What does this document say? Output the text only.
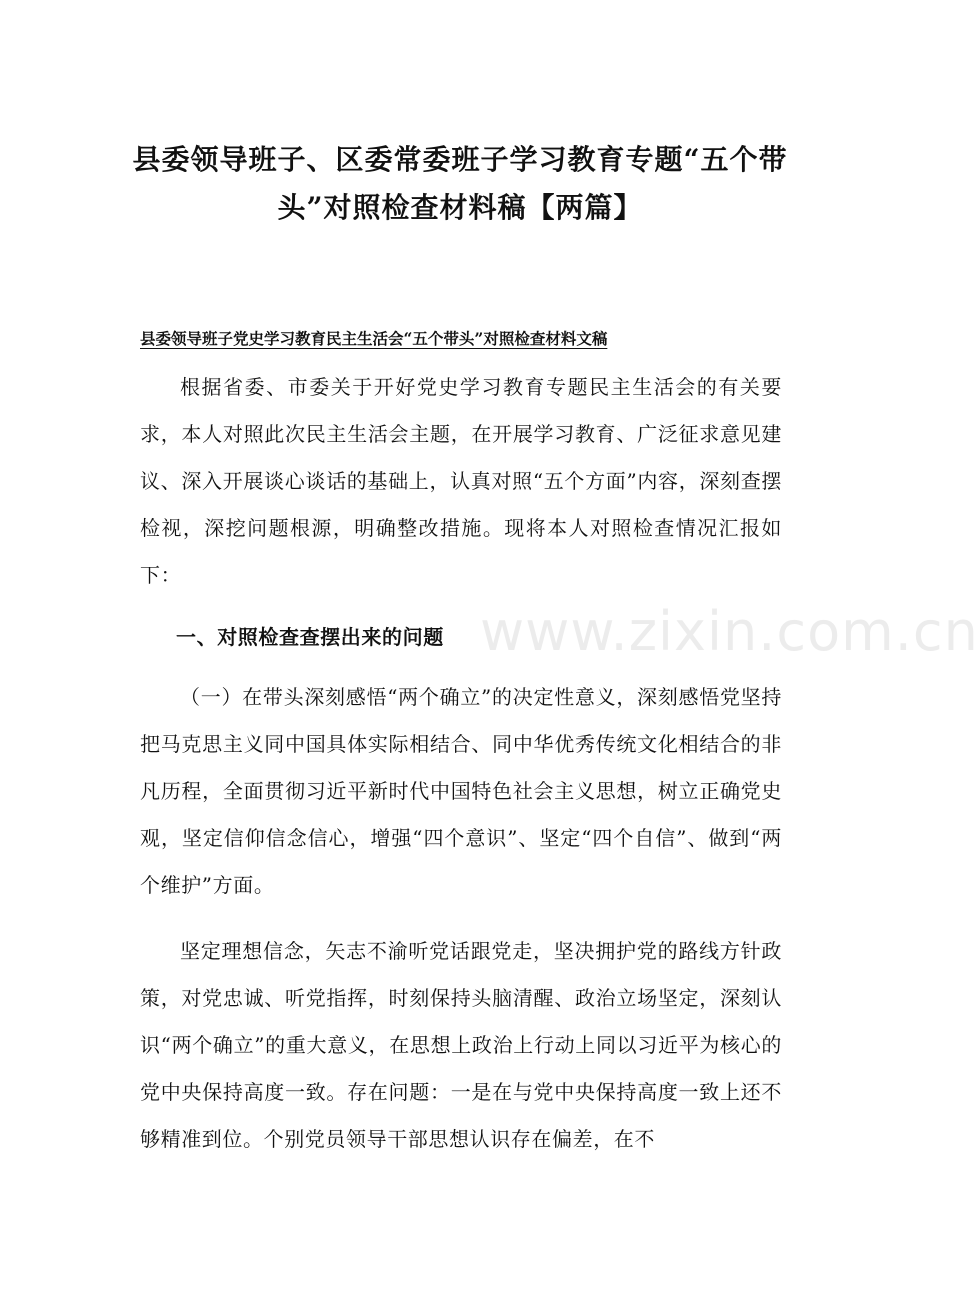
县委领导班子、区委常委班子学习教育专题“五个带头”对照检查材料稿【两篇】
县委领导班子党史学习教育民主生活会“五个带头”对照检查材料文稿
根据省委、市委关于开好党史学习教育专题民主生活会的有关要求，本人对照此次民主生活会主题，在开展学习教育、广泛征求意见建议、深入开展谈心谈话的基础上，认真对照“五个方面”内容，深刻查摆检视，深挖问题根源，明确整改措施。现将本人对照检查情况汇报如下：
一、对照检查查摆出来的问题
（一）在带头深刻感悟“两个确立”的决定性意义，深刻感悟党坚持把马克思主义同中国具体实际相结合、同中华优秀传统文化相结合的非凡历程，全面贯彻习近平新时代中国特色社会主义思想，树立正确党史观，坚定信仰信念信心，增强“四个意识”、坚定“四个自信”、做到“两个维护”方面。
坚定理想信念，矢志不渝听党话跟党走，坚决拥护党的路线方针政策，对党忠诚、听党指挥，时刻保持头脑清醒、政治立场坚定，深刻认识“两个确立”的重大意义，在思想上政治上行动上同以习近平为核心的党中央保持高度一致。存在问题：一是在与党中央保持高度一致上还不够精准到位。个别党员领导干部思想认识存在偏差，在不
www.zixin.com.cn
